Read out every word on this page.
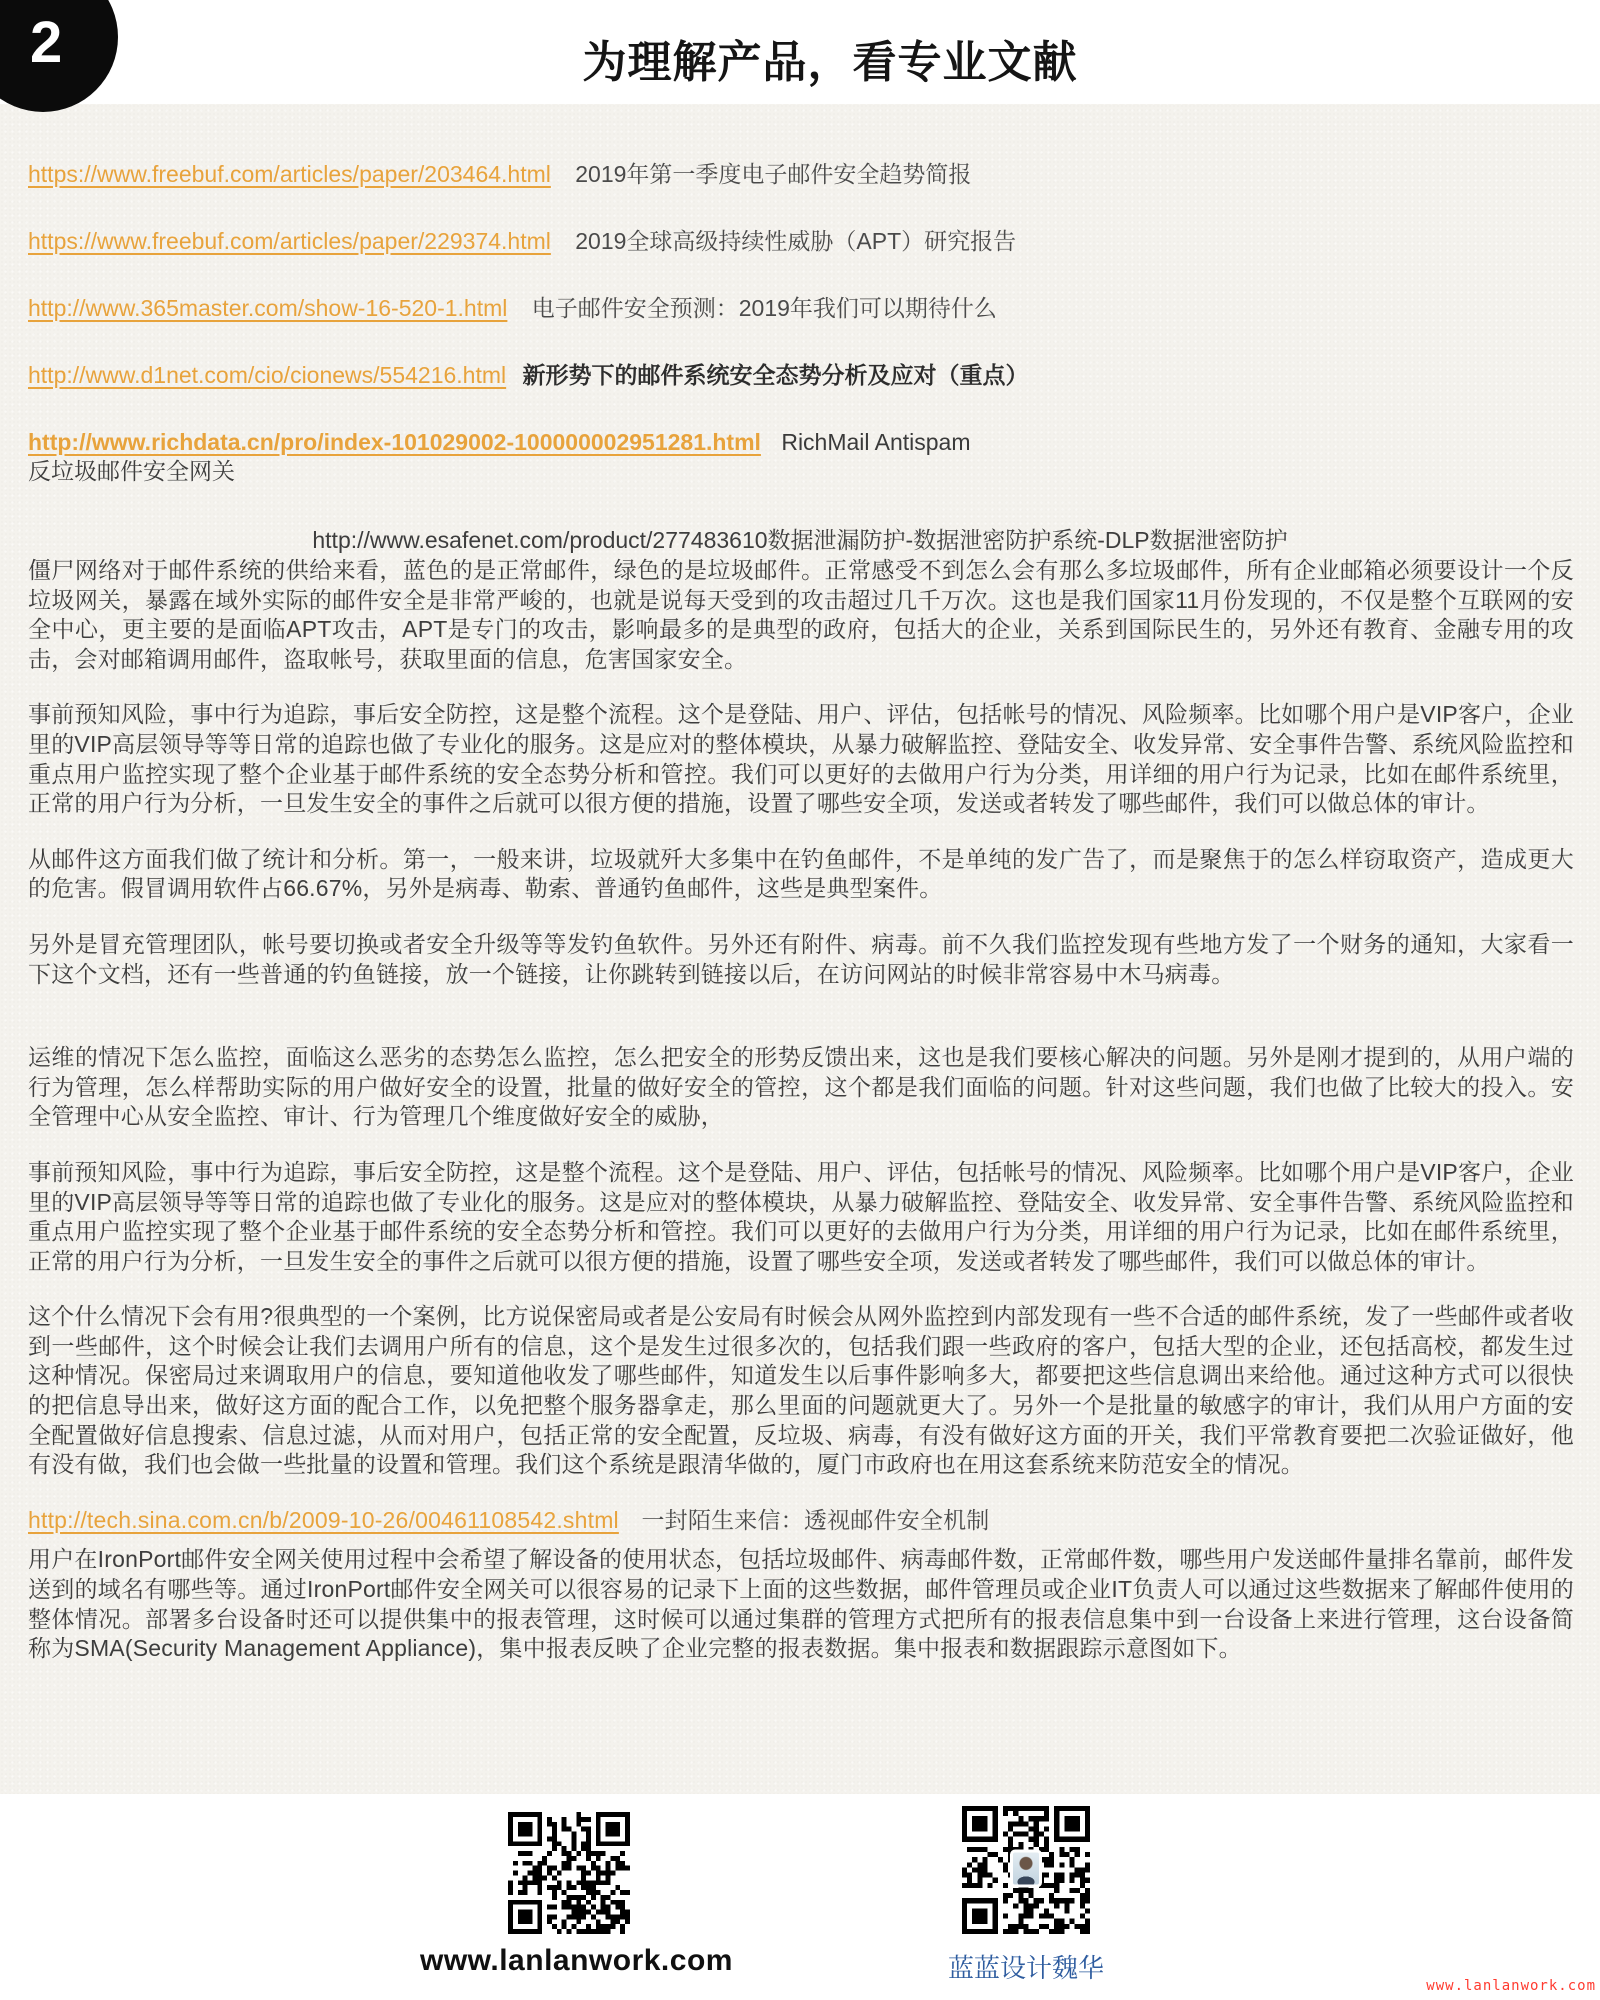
2	为理解产品，看专业文献
https://www.freebuf.com/articles/paper/203464.html 2019年第一季度电子邮件安全趋势简报
https://www.freebuf.com/articles/paper/229374.html 2019全球高级持续性威胁（APT）研究报告
http://www.365master.com/show-16-520-1.html 电子邮件安全预测：2019年我们可以期待什么
http://www.d1net.com/cio/cionews/554216.html 新形势下的邮件系统安全态势分析及应对（重点）
http://www.richdata.cn/pro/index-101029002-100000002951281.html RichMail Antispam
反垃圾邮件安全网关
http://www.esafenet.com/product/277483610数据泄漏防护-数据泄密防护系统-DLP数据泄密防护

僵尸网络对于邮件系统的供给来看，蓝色的是正常邮件，绿色的是垃圾邮件。正常感受不到怎么会有那么多垃圾邮件，所有企业邮箱必须要设计一个反垃圾网关，暴露在域外实际的邮件安全是非常严峻的，也就是说每天受到的攻击超过几千万次。这也是我们国家11月份发现的，不仅是整个互联网的安全中心，更主要的是面临APT攻击，APT是专门的攻击，影响最多的是典型的政府，包括大的企业，关系到国际民生的，另外还有教育、金融专用的攻击，会对邮箱调用邮件，盗取帐号，获取里面的信息，危害国家安全。

事前预知风险，事中行为追踪，事后安全防控，这是整个流程。这个是登陆、用户、评估，包括帐号的情况、风险频率。比如哪个用户是VIP客户，企业里的VIP高层领导等等日常的追踪也做了专业化的服务。这是应对的整体模块，从暴力破解监控、登陆安全、收发异常、安全事件告警、系统风险监控和重点用户监控实现了整个企业基于邮件系统的安全态势分析和管控。我们可以更好的去做用户行为分类，用详细的用户行为记录，比如在邮件系统里，正常的用户行为分析，一旦发生安全的事件之后就可以很方便的措施，设置了哪些安全项，发送或者转发了哪些邮件，我们可以做总体的审计。

从邮件这方面我们做了统计和分析。第一，一般来讲，垃圾就歼大多集中在钓鱼邮件，不是单纯的发广告了，而是聚焦于的怎么样窃取资产，造成更大的危害。假冒调用软件占66.67%，另外是病毒、勒索、普通钓鱼邮件，这些是典型案件。

另外是冒充管理团队，帐号要切换或者安全升级等等发钓鱼软件。另外还有附件、病毒。前不久我们监控发现有些地方发了一个财务的通知，大家看一下这个文档，还有一些普通的钓鱼链接，放一个链接，让你跳转到链接以后，在访问网站的时候非常容易中木马病毒。

运维的情况下怎么监控，面临这么恶劣的态势怎么监控，怎么把安全的形势反馈出来，这也是我们要核心解决的问题。另外是刚才提到的，从用户端的行为管理，怎么样帮助实际的用户做好安全的设置，批量的做好安全的管控，这个都是我们面临的问题。针对这些问题，我们也做了比较大的投入。安全管理中心从安全监控、审计、行为管理几个维度做好安全的威胁，

事前预知风险，事中行为追踪，事后安全防控，这是整个流程。这个是登陆、用户、评估，包括帐号的情况、风险频率。比如哪个用户是VIP客户，企业里的VIP高层领导等等日常的追踪也做了专业化的服务。这是应对的整体模块，从暴力破解监控、登陆安全、收发异常、安全事件告警、系统风险监控和重点用户监控实现了整个企业基于邮件系统的安全态势分析和管控。我们可以更好的去做用户行为分类，用详细的用户行为记录，比如在邮件系统里，正常的用户行为分析，一旦发生安全的事件之后就可以很方便的措施，设置了哪些安全项，发送或者转发了哪些邮件，我们可以做总体的审计。

这个什么情况下会有用?很典型的一个案例，比方说保密局或者是公安局有时候会从网外监控到内部发现有一些不合适的邮件系统，发了一些邮件或者收到一些邮件，这个时候会让我们去调用户所有的信息，这个是发生过很多次的，包括我们跟一些政府的客户，包括大型的企业，还包括高校，都发生过这种情况。保密局过来调取用户的信息，要知道他收发了哪些邮件，知道发生以后事件影响多大，都要把这些信息调出来给他。通过这种方式可以很快的把信息导出来，做好这方面的配合工作，以免把整个服务器拿走，那么里面的问题就更大了。另外一个是批量的敏感字的审计，我们从用户方面的安全配置做好信息搜索、信息过滤，从而对用户，包括正常的安全配置，反垃圾、病毒，有没有做好这方面的开关，我们平常教育要把二次验证做好，他有没有做，我们也会做一些批量的设置和管理。我们这个系统是跟清华做的，厦门市政府也在用这套系统来防范安全的情况。

http://tech.sina.com.cn/b/2009-10-26/00461108542.shtml 一封陌生来信：透视邮件安全机制

用户在IronPort邮件安全网关使用过程中会希望了解设备的使用状态，包括垃圾邮件、病毒邮件数，正常邮件数，哪些用户发送邮件量排名靠前，邮件发送到的域名有哪些等。通过IronPort邮件安全网关可以很容易的记录下上面的这些数据，邮件管理员或企业IT负责人可以通过这些数据来了解邮件使用的整体情况。部署多台设备时还可以提供集中的报表管理，这时候可以通过集群的管理方式把所有的报表信息集中到一台设备上来进行管理，这台设备简称为SMA(Security Management Appliance)，集中报表反映了企业完整的报表数据。集中报表和数据跟踪示意图如下。

www.lanlanwork.com	蓝蓝设计魏华
www.lanlanwork.com
